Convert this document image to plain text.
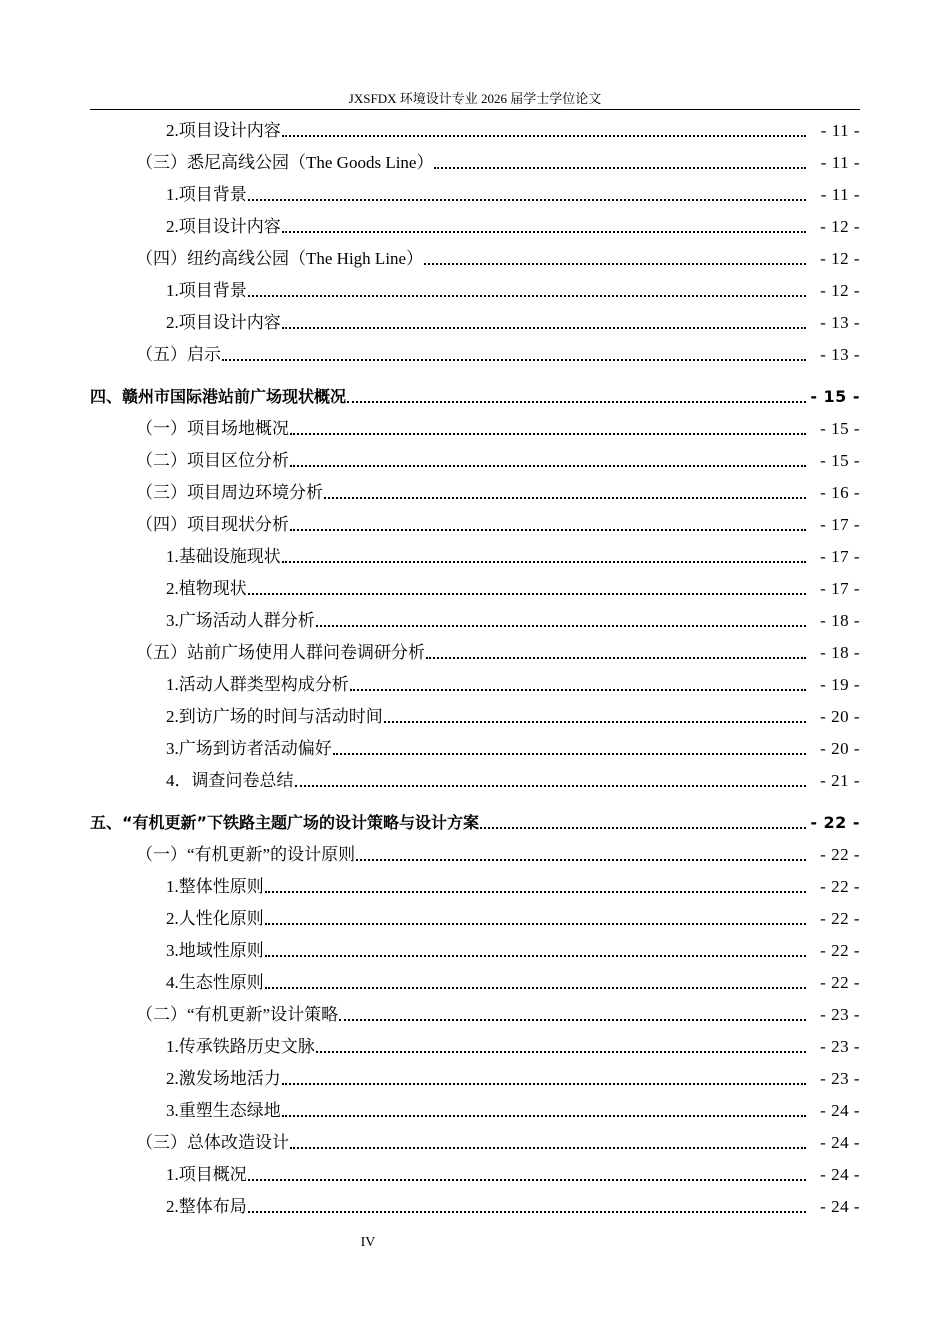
JXSFDX 环境设计专业 2026 届学士学位论文
2.项目设计内容	- 11 -
（三）悉尼高线公园（The Goods Line）	- 11 -
1.项目背景	- 11 -
2.项目设计内容	- 12 -
（四）纽约高线公园（The High Line）	- 12 -
1.项目背景	- 12 -
2.项目设计内容	- 13 -
（五）启示	- 13 -
四、赣州市国际港站前广场现状概况	- 15 -
（一）项目场地概况	- 15 -
（二）项目区位分析	- 15 -
（三）项目周边环境分析	- 16 -
（四）项目现状分析	- 17 -
1.基础设施现状	- 17 -
2.植物现状	- 17 -
3.广场活动人群分析	- 18 -
（五）站前广场使用人群问卷调研分析	- 18 -
1.活动人群类型构成分析	- 19 -
2.到访广场的时间与活动时间	- 20 -
3.广场到访者活动偏好	- 20 -
4．调查问卷总结	- 21 -
五、“有机更新”下铁路主题广场的设计策略与设计方案	- 22 -
（一）“有机更新”的设计原则	- 22 -
1.整体性原则	- 22 -
2.人性化原则	- 22 -
3.地域性原则	- 22 -
4.生态性原则	- 22 -
（二）“有机更新”设计策略	- 23 -
1.传承铁路历史文脉	- 23 -
2.激发场地活力	- 23 -
3.重塑生态绿地	- 24 -
（三）总体改造设计	- 24 -
1.项目概况	- 24 -
2.整体布局	- 24 -
IV
